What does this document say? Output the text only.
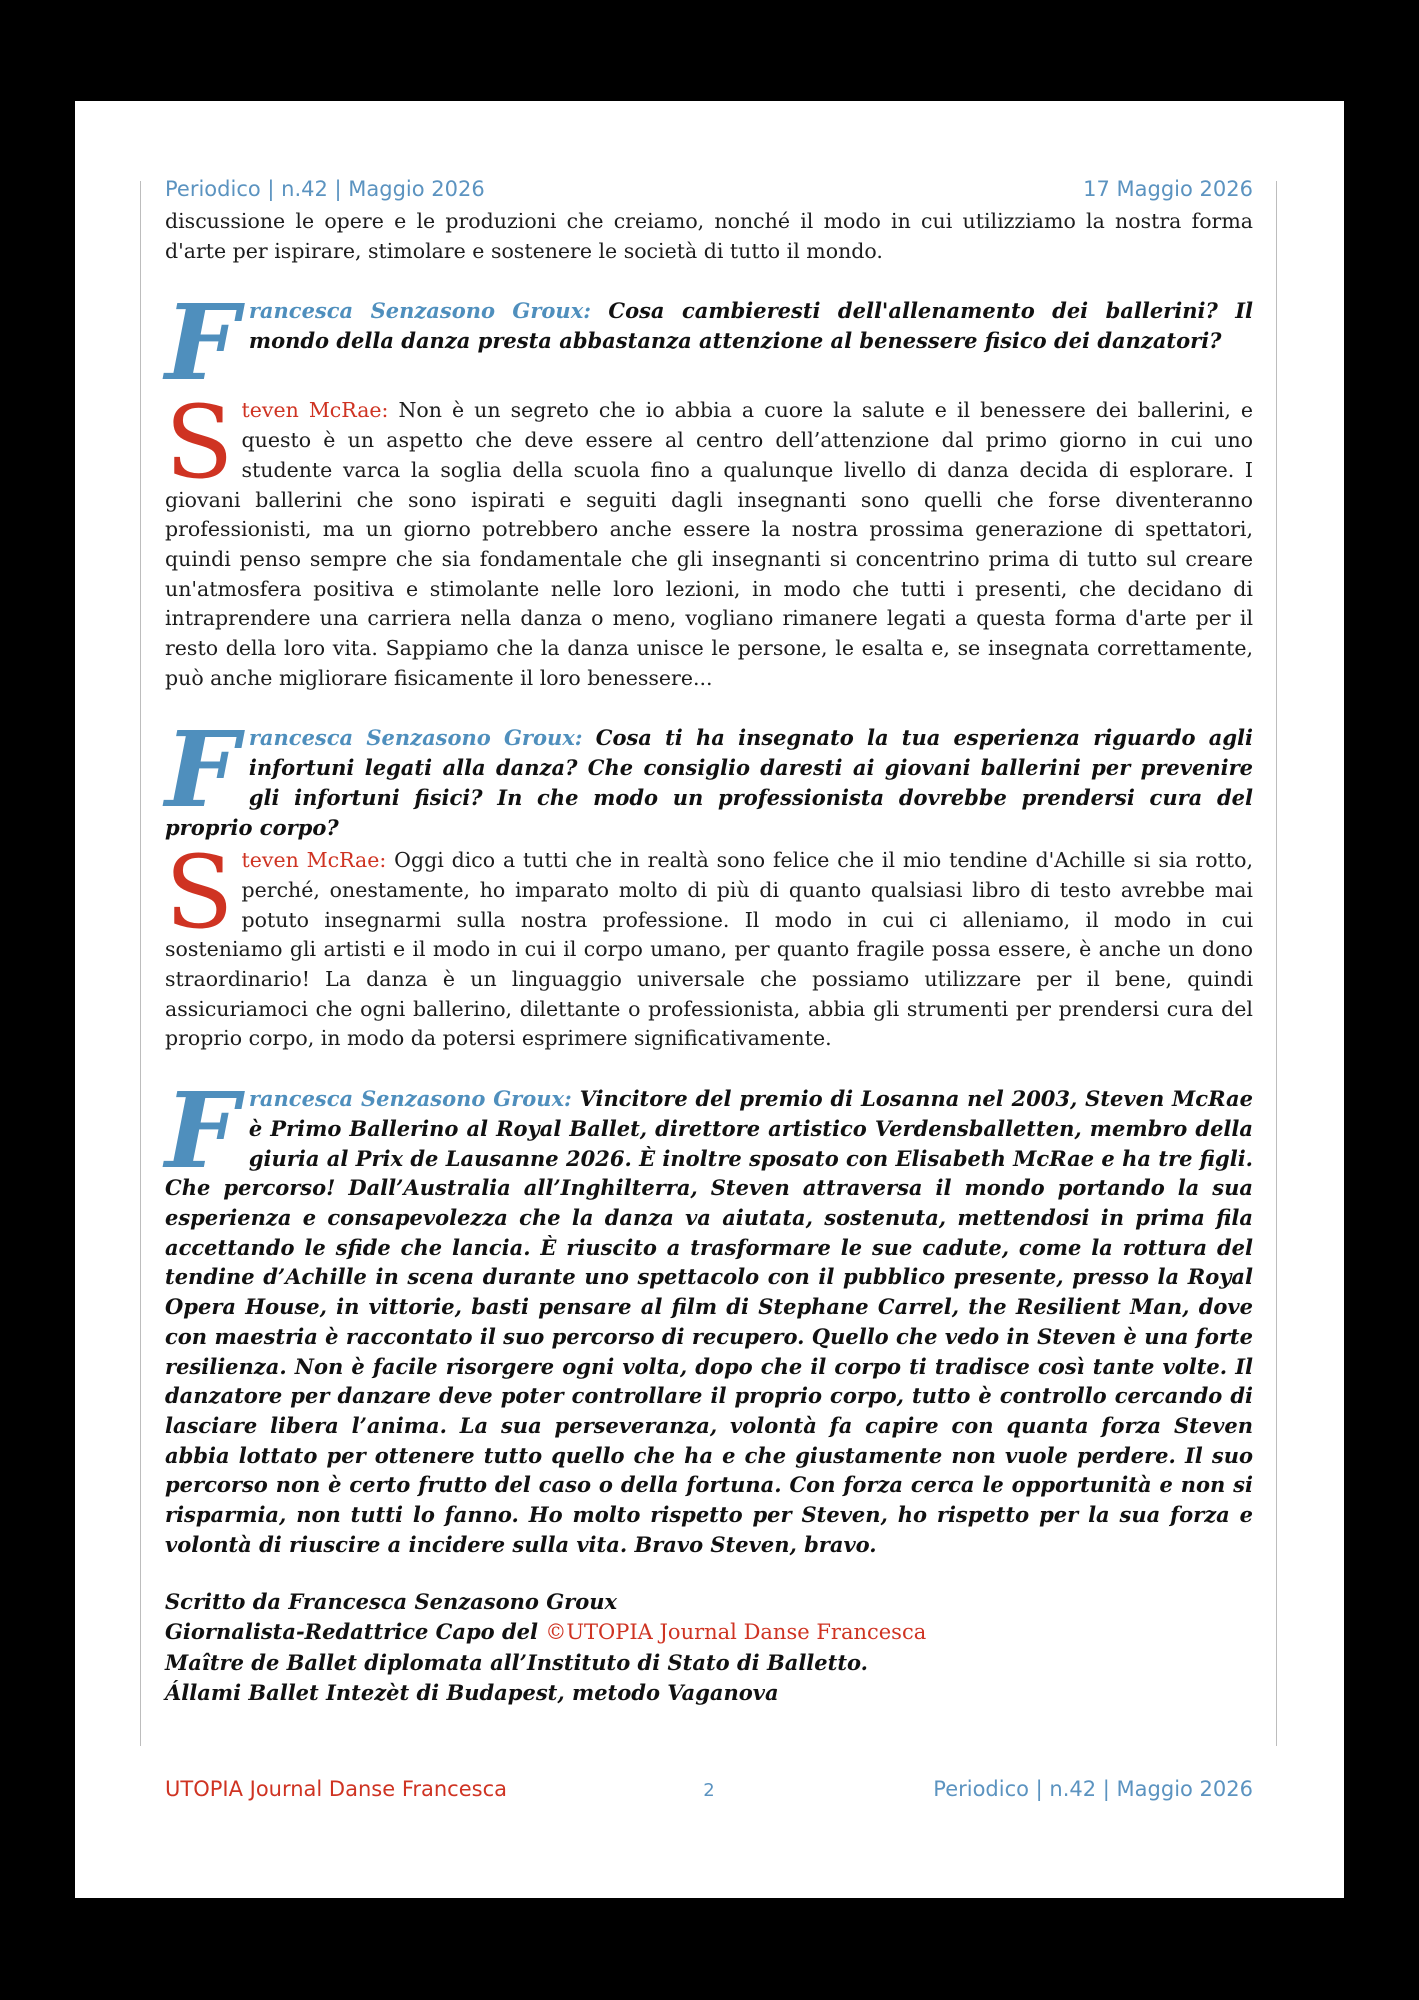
Periodico | n.42 | Maggio 2026	17 Maggio 2026

discussione le opere e le produzioni che creiamo, nonché il modo in cui utilizziamo la nostra forma d'arte per ispirare, stimolare e sostenere le società di tutto il mondo.

F rancesca Senzasono Groux: Cosa cambieresti dell'allenamento dei ballerini? Il mondo della danza presta abbastanza attenzione al benessere fisico dei danzatori?

S teven McRae: Non è un segreto che io abbia a cuore la salute e il benessere dei ballerini, e questo è un aspetto che deve essere al centro dell’attenzione dal primo giorno in cui uno studente varca la soglia della scuola fino a qualunque livello di danza decida di esplorare. I giovani ballerini che sono ispirati e seguiti dagli insegnanti sono quelli che forse diventeranno professionisti, ma un giorno potrebbero anche essere la nostra prossima generazione di spettatori, quindi penso sempre che sia fondamentale che gli insegnanti si concentrino prima di tutto sul creare un'atmosfera positiva e stimolante nelle loro lezioni, in modo che tutti i presenti, che decidano di intraprendere una carriera nella danza o meno, vogliano rimanere legati a questa forma d'arte per il resto della loro vita. Sappiamo che la danza unisce le persone, le esalta e, se insegnata correttamente, può anche migliorare fisicamente il loro benessere...

F rancesca Senzasono Groux: Cosa ti ha insegnato la tua esperienza riguardo agli infortuni legati alla danza? Che consiglio daresti ai giovani ballerini per prevenire gli infortuni fisici? In che modo un professionista dovrebbe prendersi cura del proprio corpo?

S teven McRae: Oggi dico a tutti che in realtà sono felice che il mio tendine d'Achille si sia rotto, perché, onestamente, ho imparato molto di più di quanto qualsiasi libro di testo avrebbe mai potuto insegnarmi sulla nostra professione. Il modo in cui ci alleniamo, il modo in cui sosteniamo gli artisti e il modo in cui il corpo umano, per quanto fragile possa essere, è anche un dono straordinario! La danza è un linguaggio universale che possiamo utilizzare per il bene, quindi assicuriamoci che ogni ballerino, dilettante o professionista, abbia gli strumenti per prendersi cura del proprio corpo, in modo da potersi esprimere significativamente.

F rancesca Senzasono Groux: Vincitore del premio di Losanna nel 2003, Steven McRae è Primo Ballerino al Royal Ballet, direttore artistico Verdensballetten, membro della giuria al Prix de Lausanne 2026. È inoltre sposato con Elisabeth McRae e ha tre figli. Che percorso! Dall’Australia all’Inghilterra, Steven attraversa il mondo portando la sua esperienza e consapevolezza che la danza va aiutata, sostenuta, mettendosi in prima fila accettando le sfide che lancia. È riuscito a trasformare le sue cadute, come la rottura del tendine d’Achille in scena durante uno spettacolo con il pubblico presente, presso la Royal Opera House, in vittorie, basti pensare al film di Stephane Carrel, the Resilient Man, dove con maestria è raccontato il suo percorso di recupero. Quello che vedo in Steven è una forte resilienza. Non è facile risorgere ogni volta, dopo che il corpo ti tradisce così tante volte. Il danzatore per danzare deve poter controllare il proprio corpo, tutto è controllo cercando di lasciare libera l’anima. La sua perseveranza, volontà fa capire con quanta forza Steven abbia lottato per ottenere tutto quello che ha e che giustamente non vuole perdere. Il suo percorso non è certo frutto del caso o della fortuna. Con forza cerca le opportunità e non si risparmia, non tutti lo fanno. Ho molto rispetto per Steven, ho rispetto per la sua forza e volontà di riuscire a incidere sulla vita. Bravo Steven, bravo.

Scritto da Francesca Senzasono Groux

Giornalista-Redattrice Capo del ©UTOPIA Journal Danse Francesca

Maître de Ballet diplomata all’Instituto di Stato di Balletto.

Állami Ballet Intezèt di Budapest, metodo Vaganova

UTOPIA Journal Danse Francesca	2	Periodico | n.42 | Maggio 2026
